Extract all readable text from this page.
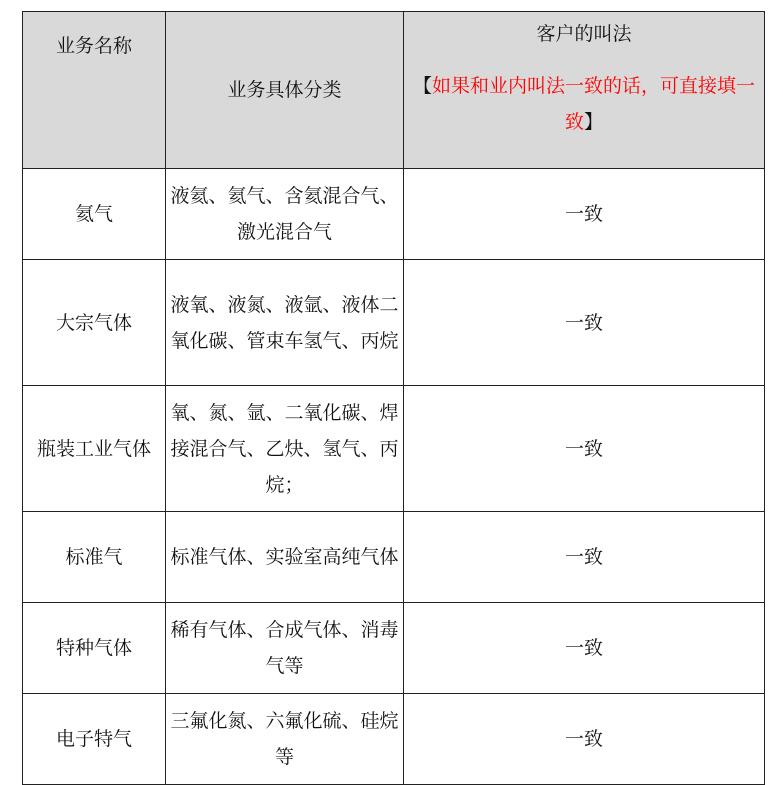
业务名称	业务具体分类	客户的叫法
【如果和业内叫法一致的话，可直接填一致】

氦气	液氦、氦气、含氦混合气、激光混合气	一致
大宗气体	液氧、液氮、液氩、液体二氧化碳、管束车氢气、丙烷	一致
瓶装工业气体	氧、氮、氩、二氧化碳、焊接混合气、乙炔、氢气、丙烷；	一致
标准气	标准气体、实验室高纯气体	一致
特种气体	稀有气体、合成气体、消毒气等	一致
电子特气	三氟化氮、六氟化硫、硅烷等	一致
